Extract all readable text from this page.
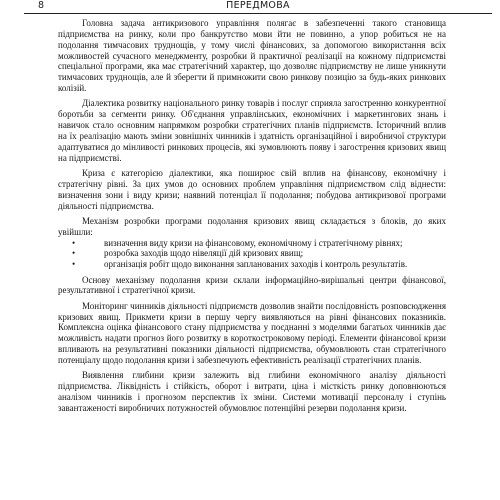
8	ПЕРЕДМОВА

Головна задача антикризового управління полягає в забезпеченні такого становища підприємства на ринку, коли про банкрутство мови йти не повинно, а упор робиться не на подолання тимчасових труднощів, у тому числі фінансових, за допомогою використання всіх можливостей сучасного менеджменту, розробки й практичної реалізації на кожному підприємстві спеціальної програми, яка має стратегічний характер, що дозволяє підприємству не лише уникнути тимчасових труднощів, але й зберегти й примножити свою ринкову позицію за будь-яких ринкових колізій.

Діалектика розвитку національного ринку товарів і послуг сприяла загостренню конкурентної боротьби за сегменти ринку. Об'єднання управлінських, економічних і маркетингових знань і навичок стало основним напрямком розробки стратегічних планів підприємств. Історичний вплив на їх реалізацію мають зміни зовнішніх чинників і здатність організаційної і виробничої структури адаптуватися до мінливості ринкових процесів, які зумовлюють появу і загострення кризових явищ на підприємстві.

Криза є категорією діалектики, яка поширює свій вплив на фінансову, економічну і стратегічну рівні. За цих умов до основних проблем управління підприємством слід віднести: визначення зони і виду кризи; наявний потенціал її подолання; побудова антикризової програми діяльності підприємства.

Механізм розробки програми подолання кризових явищ складається з блоків, до яких увійшли:

•	визначення виду кризи на фінансовому, економічному і стратегічному рівнях;
•	розробка заходів щодо нівеляції дій кризових явищ;
•	організація робіт щодо виконання запланованих заходів і контроль результатів.

Основу механізму подолання кризи склали інформаційно-вирішальні центри фінансової, результативної і стратегічної кризи.

Моніторинг чинників діяльності підприємств дозволив знайти послідовність розповсюдження кризових явищ. Прикмети кризи в першу чергу виявляються на рівні фінансових показників. Комплексна оцінка фінансового стану підприємства у поєднанні з моделями багатьох чинників дає можливість надати прогноз його розвитку в короткостроковому періоді. Елементи фінансової кризи впливають на результативні показники діяльності підприємства, обумовлюють стан стратегічного потенціалу щодо подолання кризи і забезпечують ефективність реалізації стратегічних планів.

Виявлення глибини кризи залежить від глибини економічного аналізу діяльності підприємства. Ліквідність і стійкість, оборот і витрати, ціна і місткість ринку доповнюються аналізом чинників і прогнозом перспектив їх зміни. Системи мотивації персоналу і ступінь завантаженості виробничих потужностей обумовлює потенційні резерви подолання кризи.
